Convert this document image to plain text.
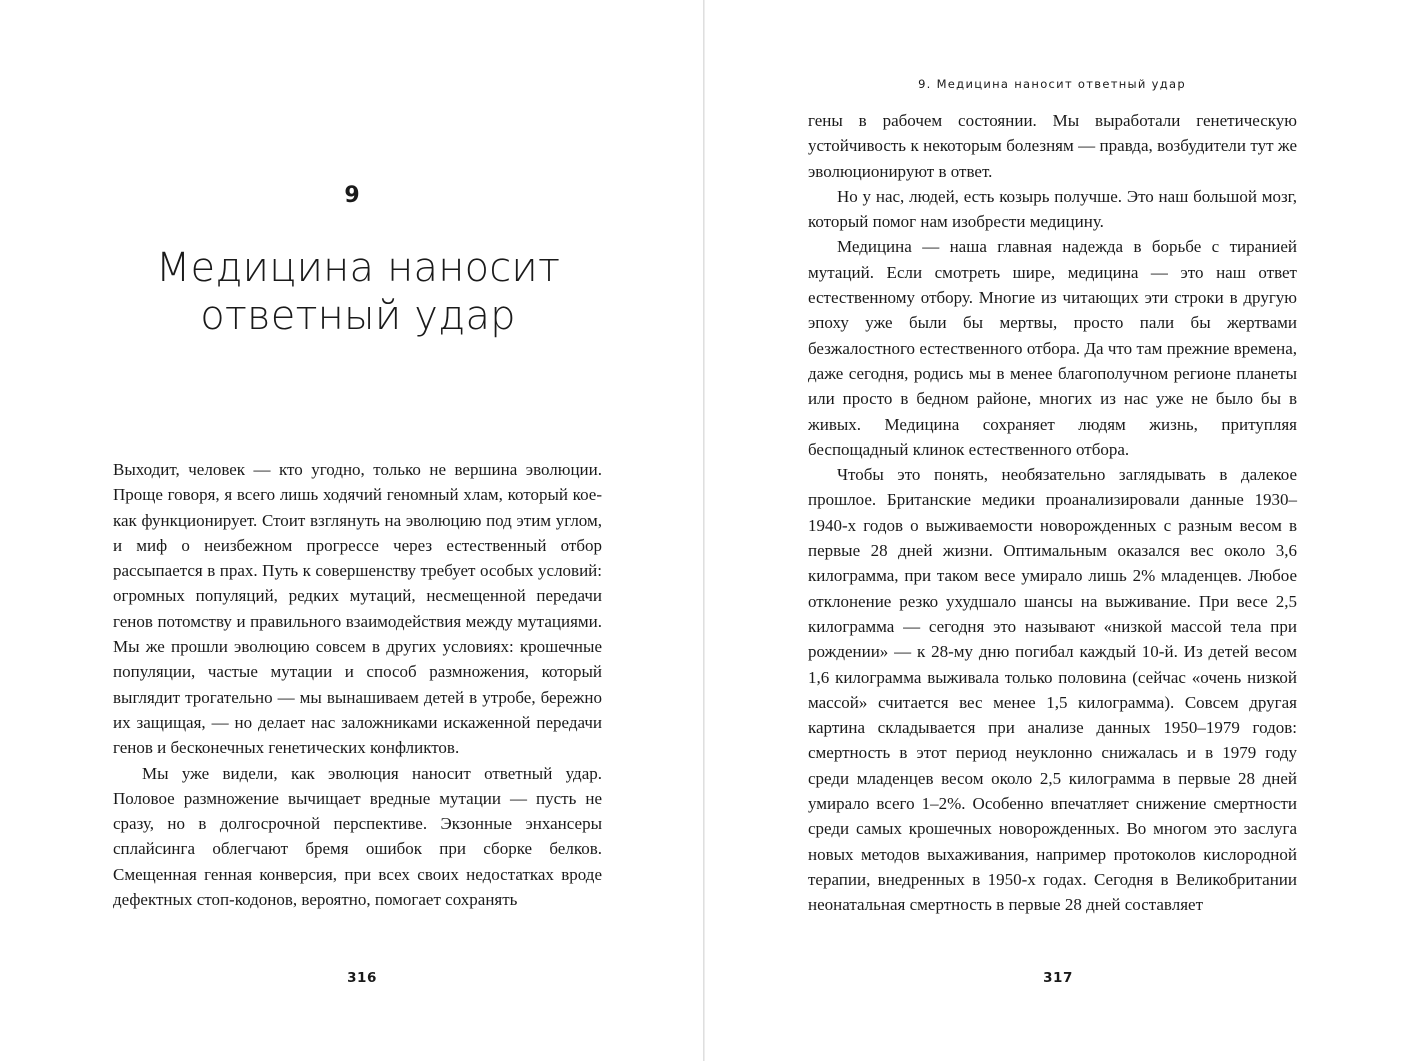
9
Медицина наносит ответный удар

Выходит, человек — кто угодно, только не вершина эволюции. Проще говоря, я всего лишь ходячий геномный хлам, который кое-как функционирует. Стоит взглянуть на эволюцию под этим углом, и миф о неизбежном прогрессе через естественный отбор рассыпается в прах. Путь к совершенству требует особых условий: огромных популяций, редких мутаций, несмещенной передачи генов потомству и правильного взаимодействия между мутациями. Мы же прошли эволюцию совсем в других условиях: крошечные популяции, частые мутации и способ размножения, который выглядит трогательно — мы вынашиваем детей в утробе, бережно их защищая, — но делает нас заложниками искаженной передачи генов и бесконечных генетических конфликтов.

Мы уже видели, как эволюция наносит ответный удар. Половое размножение вычищает вредные мутации — пусть не сразу, но в долгосрочной перспективе. Экзонные энхансеры сплайсинга облегчают бремя ошибок при сборке белков. Смещенная генная конверсия, при всех своих недостатках вроде дефектных стоп-кодонов, вероятно, помогает сохранять

316
9. Медицина наносит ответный удар

гены в рабочем состоянии. Мы выработали генетическую устойчивость к некоторым болезням — правда, возбудители тут же эволюционируют в ответ.

Но у нас, людей, есть козырь получше. Это наш большой мозг, который помог нам изобрести медицину.

Медицина — наша главная надежда в борьбе с тиранией мутаций. Если смотреть шире, медицина — это наш ответ естественному отбору. Многие из читающих эти строки в другую эпоху уже были бы мертвы, просто пали бы жертвами безжалостного естественного отбора. Да что там прежние времена, даже сегодня, родись мы в менее благополучном регионе планеты или просто в бедном районе, многих из нас уже не было бы в живых. Медицина сохраняет людям жизнь, притупляя беспощадный клинок естественного отбора.

Чтобы это понять, необязательно заглядывать в далекое прошлое. Британские медики проанализировали данные 1930–1940-х годов о выживаемости новорожденных с разным весом в первые 28 дней жизни. Оптимальным оказался вес около 3,6 килограмма, при таком весе умирало лишь 2% младенцев. Любое отклонение резко ухудшало шансы на выживание. При весе 2,5 килограмма — сегодня это называют «низкой массой тела при рождении» — к 28-му дню погибал каждый 10-й. Из детей весом 1,6 килограмма выживала только половина (сейчас «очень низкой массой» считается вес менее 1,5 килограмма). Совсем другая картина складывается при анализе данных 1950–1979 годов: смертность в этот период неуклонно снижалась и в 1979 году среди младенцев весом около 2,5 килограмма в первые 28 дней умирало всего 1–2%. Особенно впечатляет снижение смертности среди самых крошечных новорожденных. Во многом это заслуга новых методов выхаживания, например протоколов кислородной терапии, внедренных в 1950-х годах. Сегодня в Великобритании неонатальная смертность в первые 28 дней составляет

317
